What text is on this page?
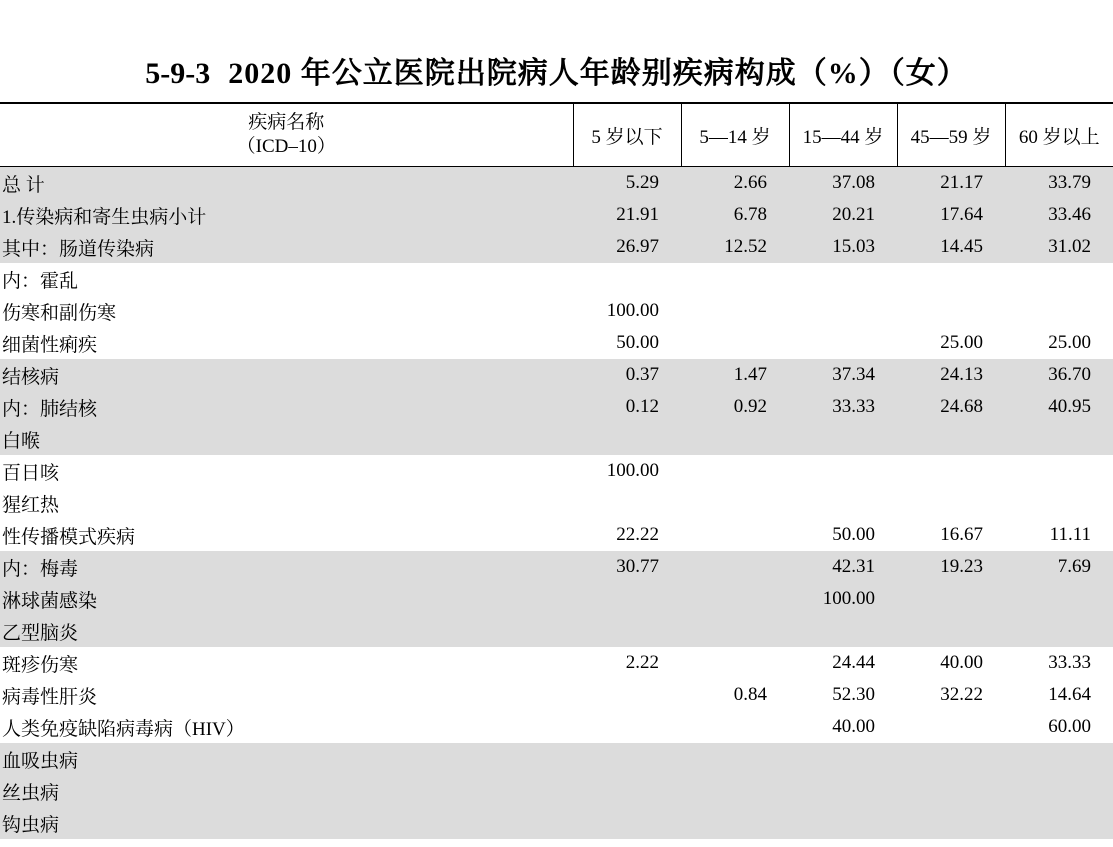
5-9-3 2020 年公立医院出院病人年龄别疾病构成（%）（女）
疾病名称
（ICD–10）	5 岁以下	5—14 岁	15—44 岁	45—59 岁	60 岁以上
总 计	5.29	2.66	37.08	21.17	33.79
1.传染病和寄生虫病小计	21.91	6.78	20.21	17.64	33.46
其中：肠道传染病	26.97	12.52	15.03	14.45	31.02
内：霍乱					
伤寒和副伤寒	100.00				
细菌性痢疾	50.00			25.00	25.00
结核病	0.37	1.47	37.34	24.13	36.70
内：肺结核	0.12	0.92	33.33	24.68	40.95
白喉					
百日咳	100.00				
猩红热					
性传播模式疾病	22.22		50.00	16.67	11.11
内：梅毒	30.77		42.31	19.23	7.69
淋球菌感染			100.00		
乙型脑炎					
斑疹伤寒	2.22		24.44	40.00	33.33
病毒性肝炎		0.84	52.30	32.22	14.64
人类免疫缺陷病毒病（HIV）			40.00		60.00
血吸虫病					
丝虫病					
钩虫病					
